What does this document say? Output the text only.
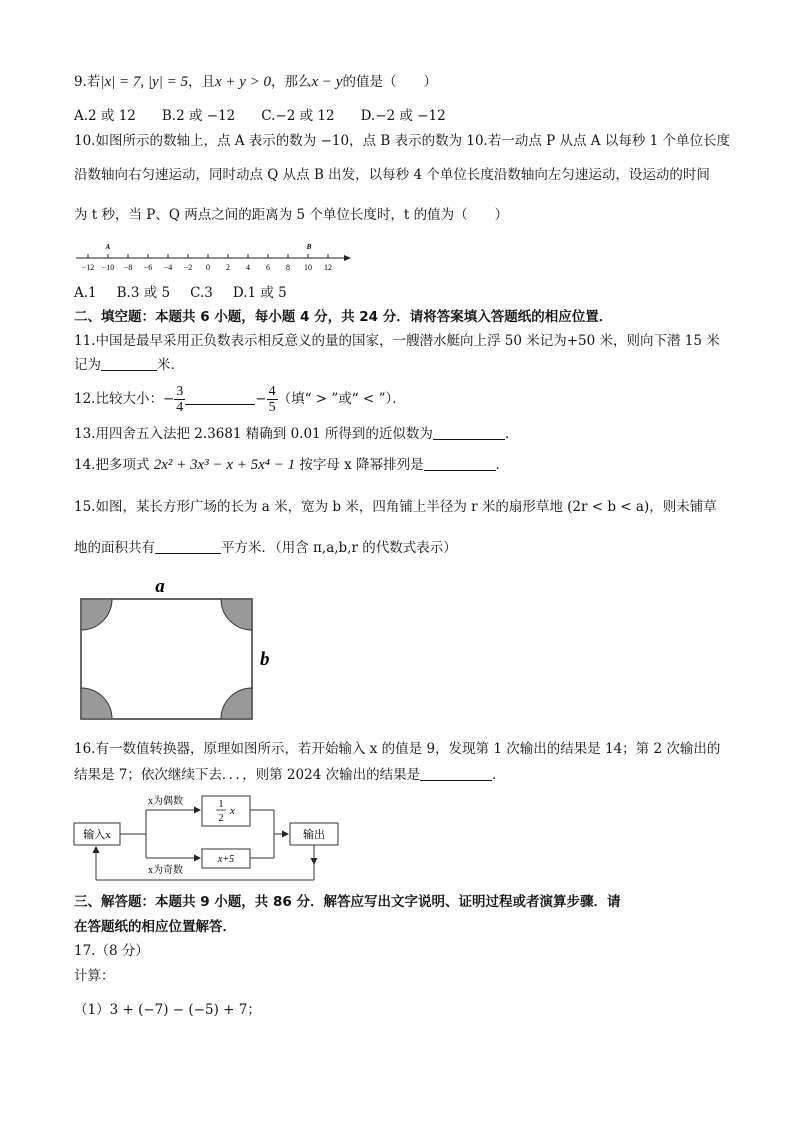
9.若|x| = 7, |y| = 5，且x + y > 0，那么x − y的值是（　　）
A.2 或 12 B.2 或 −12 C.−2 或 12 D.−2 或 −12
10.如图所示的数轴上，点 A 表示的数为 −10，点 B 表示的数为 10.若一动点 P 从点 A 以每秒 1 个单位长度
沿数轴向右匀速运动，同时动点 Q 从点 B 出发，以每秒 4 个单位长度沿数轴向左匀速运动，设运动的时间
为 t 秒，当 P、Q 两点之间的距离为 5 个单位长度时，t 的值为（　　）
−12 −10 −8 −6 −4 −2 0 2 4 6 8 10 12
A	B
A.1 B.3 或 5 C.3 D.1 或 5
二、填空题：本题共 6 小题，每小题 4 分，共 24 分．请将答案填入答题纸的相应位置．
11.中国是最早采用正负数表示相反意义的量的国家，一艘潜水艇向上浮 50 米记为+50 米，则向下潜 15 米
记为	米．
12.比较大小：− $\frac{3}{4}$	− $\frac{4}{5}$ （填“ > ”或“ < ”）．
13.用四舍五入法把 2.3681 精确到 0.01 所得到的近似数为	．
14.把多项式 2x² + 3x³ − x + 5x⁴ − 1 按字母 x 降幂排列是	．
15.如图，某长方形广场的长为 a 米，宽为 b 米，四角铺上半径为 r 米的扇形草地 (2r < b < a)，则未铺草
地的面积共有	平方米．（用含 π,a,b,r 的代数式表示）
a
b
16.有一数值转换器，原理如图所示，若开始输入 x 的值是 9，发现第 1 次输出的结果是 14；第 2 次输出的
结果是 7；依次继续下去．．．，则第 2024 次输出的结果是	．
输入x
x为偶数
x为奇数
1
2
x
x+5
输出
三、解答题：本题共 9 小题，共 86 分．解答应写出文字说明、证明过程或者演算步骤．请
在答题纸的相应位置解答．
17.（8 分）
计算：
（1）3 + (−7) − (−5) + 7；
